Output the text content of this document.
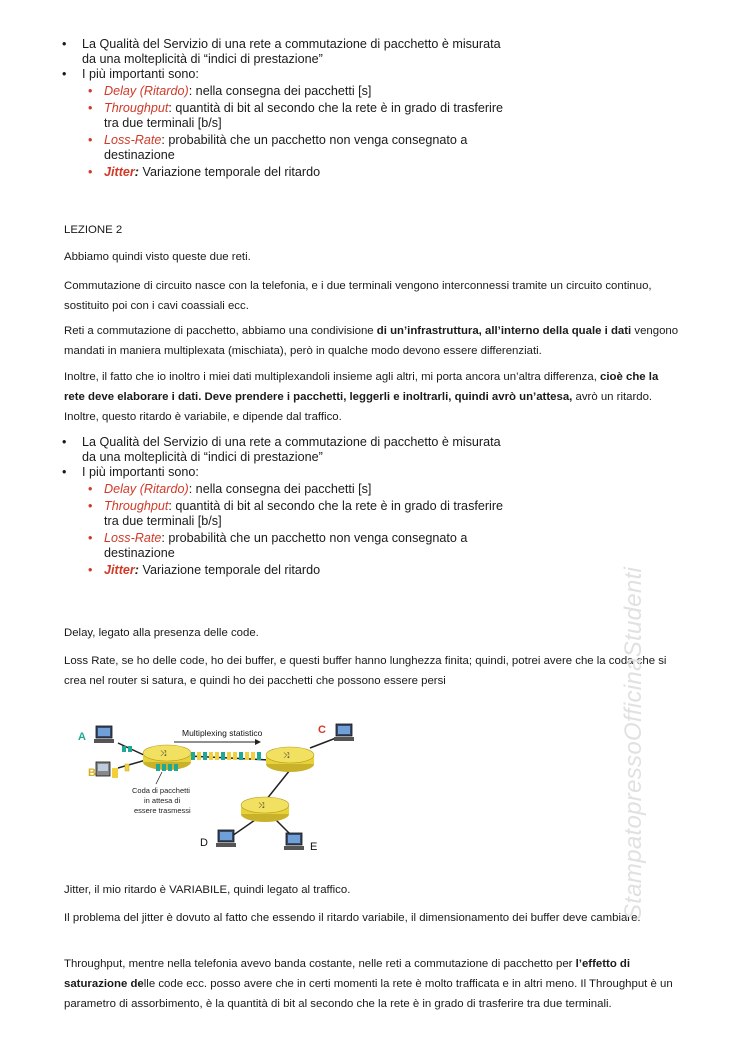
• La Qualità del Servizio di una rete a commutazione di pacchetto è misurata
da una molteplicità di “indici di prestazione”
• I più importanti sono:
• Delay (Ritardo): nella consegna dei pacchetti [s]
• Throughput: quantità di bit al secondo che la rete è in grado di trasferire
tra due terminali [b/s]
• Loss-Rate: probabilità che un pacchetto non venga consegnato a
destinazione
• Jitter: Variazione temporale del ritardo

LEZIONE 2

Abbiamo quindi visto queste due reti.

Commutazione di circuito nasce con la telefonia, e i due terminali vengono interconnessi tramite un circuito continuo, sostituito poi con i cavi coassiali ecc.

Reti a commutazione di pacchetto, abbiamo una condivisione di un’infrastruttura, all’interno della quale i dati vengono mandati in maniera multiplexata (mischiata), però in qualche modo devono essere differenziati.

Inoltre, il fatto che io inoltro i miei dati multiplexandoli insieme agli altri, mi porta ancora un’altra differenza, cioè che la rete deve elaborare i dati. Deve prendere i pacchetti, leggerli e inoltrarli, quindi avrò un’attesa, avrò un ritardo. Inoltre, questo ritardo è variabile, e dipende dal traffico.

• La Qualità del Servizio di una rete a commutazione di pacchetto è misurata
da una molteplicità di “indici di prestazione”
• I più importanti sono:
• Delay (Ritardo): nella consegna dei pacchetti [s]
• Throughput: quantità di bit al secondo che la rete è in grado di trasferire
tra due terminali [b/s]
• Loss-Rate: probabilità che un pacchetto non venga consegnato a
destinazione
• Jitter: Variazione temporale del ritardo

Delay, legato alla presenza delle code.

Loss Rate, se ho delle code, ho dei buffer, e questi buffer hanno lunghezza finita; quindi, potrei avere che la coda che si crea nel router si satura, e quindi ho dei pacchetti che possono essere persi

Multiplexing statistico
⤨	⤨
⤨
A
B
C
D	E
Coda di pacchetti
in attesa di
essere trasmessi

Jitter, il mio ritardo è VARIABILE, quindi legato al traffico.

Il problema del jitter è dovuto al fatto che essendo il ritardo variabile, il dimensionamento dei buffer deve cambiare.

Throughput, mentre nella telefonia avevo banda costante, nelle reti a commutazione di pacchetto per l’effetto di saturazione delle code ecc. posso avere che in certi momenti la rete è molto trafficata e in altri meno. Il Throughput è un parametro di assorbimento, è la quantità di bit al secondo che la rete è in grado di trasferire tra due terminali.

StampatopressoOfficinaStudenti
